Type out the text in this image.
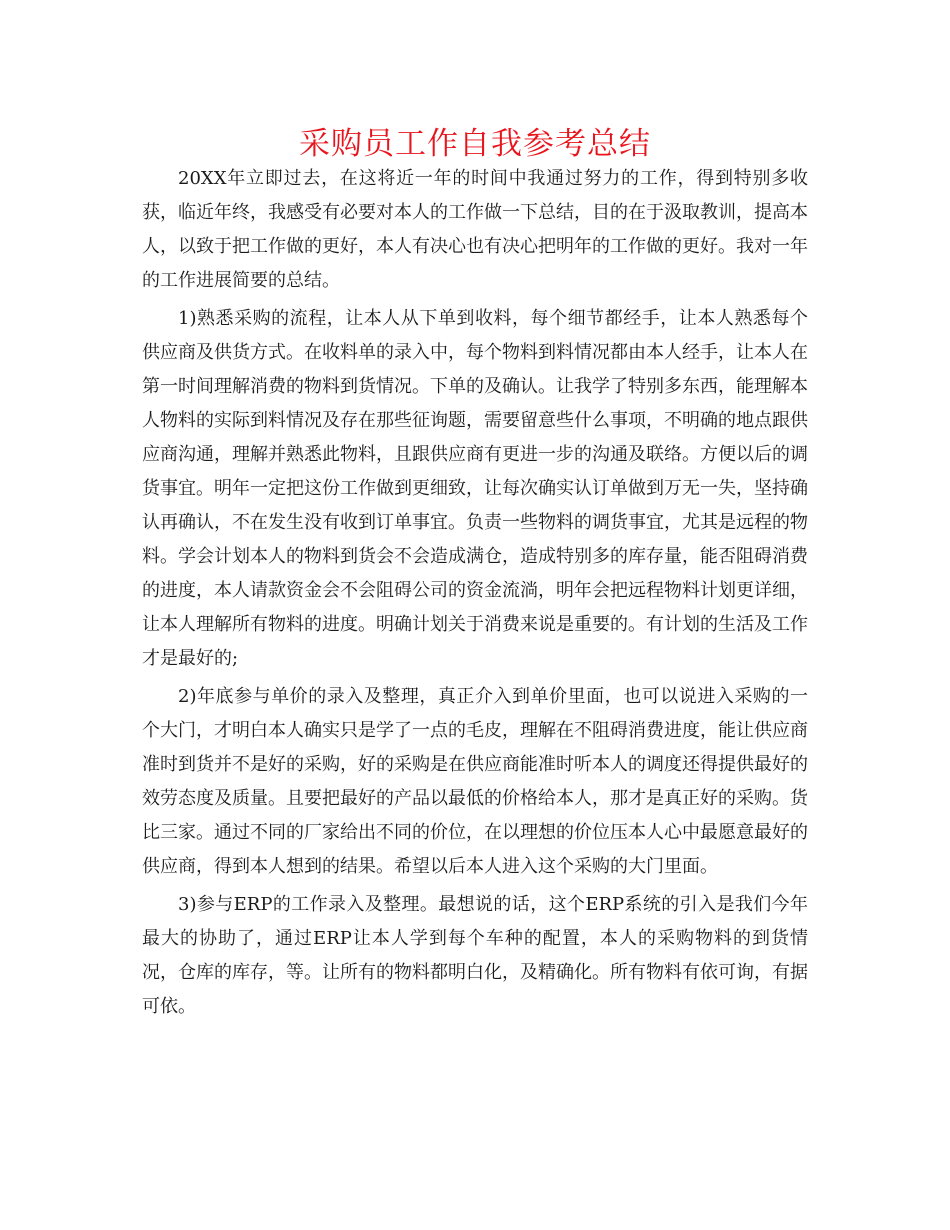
采购员工作自我参考总结

20XX年立即过去，在这将近一年的时间中我通过努力的工作，得到特别多收获，临近年终，我感受有必要对本人的工作做一下总结，目的在于汲取教训，提高本人，以致于把工作做的更好，本人有决心也有决心把明年的工作做的更好。我对一年的工作进展简要的总结。

1)熟悉采购的流程，让本人从下单到收料，每个细节都经手，让本人熟悉每个供应商及供货方式。在收料单的录入中，每个物料到料情况都由本人经手，让本人在第一时间理解消费的物料到货情况。下单的及确认。让我学了特别多东西，能理解本人物料的实际到料情况及存在那些征询题，需要留意些什么事项，不明确的地点跟供应商沟通，理解并熟悉此物料，且跟供应商有更进一步的沟通及联络。方便以后的调货事宜。明年一定把这份工作做到更细致，让每次确实认订单做到万无一失，坚持确认再确认，不在发生没有收到订单事宜。负责一些物料的调货事宜，尤其是远程的物料。学会计划本人的物料到货会不会造成满仓，造成特别多的库存量，能否阻碍消费的进度，本人请款资金会不会阻碍公司的资金流淌，明年会把远程物料计划更详细，让本人理解所有物料的进度。明确计划关于消费来说是重要的。有计划的生活及工作才是最好的;

2)年底参与单价的录入及整理，真正介入到单价里面，也可以说进入采购的一个大门，才明白本人确实只是学了一点的毛皮，理解在不阻碍消费进度，能让供应商准时到货并不是好的采购，好的采购是在供应商能准时听本人的调度还得提供最好的效劳态度及质量。且要把最好的产品以最低的价格给本人，那才是真正好的采购。货比三家。通过不同的厂家给出不同的价位，在以理想的价位压本人心中最愿意最好的供应商，得到本人想到的结果。希望以后本人进入这个采购的大门里面。

3)参与ERP的工作录入及整理。最想说的话，这个ERP系统的引入是我们今年最大的协助了，通过ERP让本人学到每个车种的配置，本人的采购物料的到货情况，仓库的库存，等。让所有的物料都明白化，及精确化。所有物料有依可询，有据可依。
